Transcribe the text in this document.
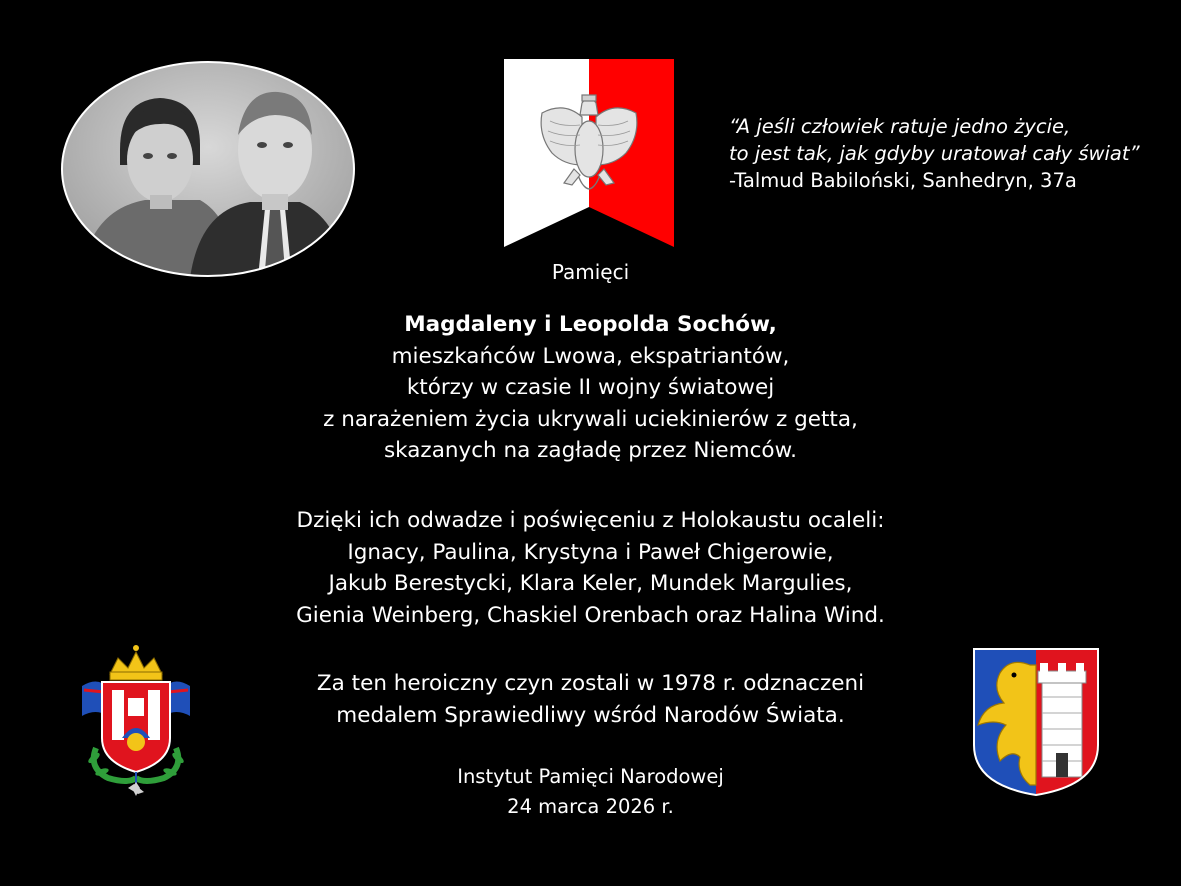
“A jeśli człowiek ratuje jedno życie,
to jest tak, jak gdyby uratował cały świat”
-Talmud Babiloński, Sanhedryn, 37a
Pamięci
Magdaleny i Leopolda Sochów,
mieszkańców Lwowa, ekspatriantów,
którzy w czasie II wojny światowej
z narażeniem życia ukrywali uciekinierów z getta,
skazanych na zagładę przez Niemców.
Dzięki ich odwadze i poświęceniu z Holokaustu ocaleli:
Ignacy, Paulina, Krystyna i Paweł Chigerowie,
Jakub Berestycki, Klara Keler, Mundek Margulies,
Gienia Weinberg, Chaskiel Orenbach oraz Halina Wind.
Za ten heroiczny czyn zostali w 1978 r. odznaczeni
medalem Sprawiedliwy wśród Narodów Świata.
Instytut Pamięci Narodowej
24 marca 2026 r.
